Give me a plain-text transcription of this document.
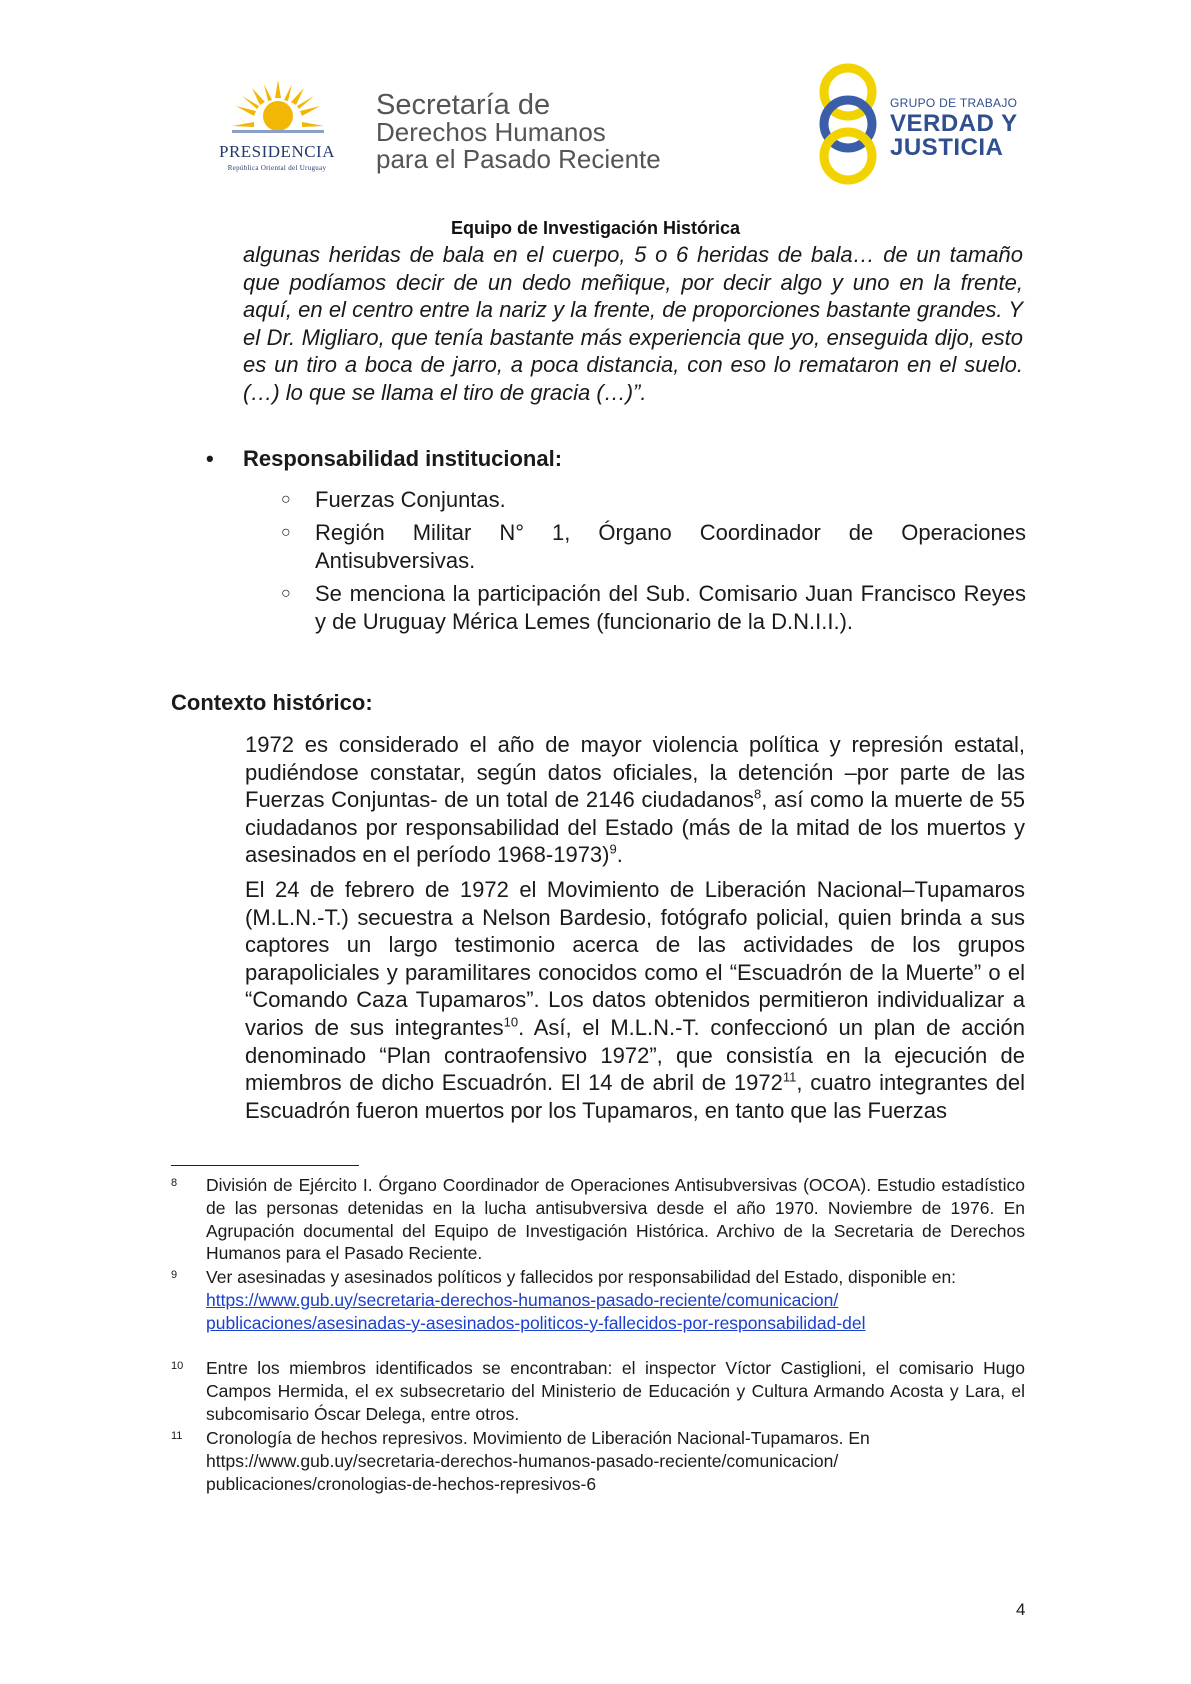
PRESIDENCIA
República Oriental del Uruguay
Secretaría de
Derechos Humanos
para el Pasado Reciente
GRUPO DE TRABAJO
VERDAD Y
JUSTICIA
Equipo de Investigación Histórica

algunas heridas de bala en el cuerpo, 5 o 6 heridas de bala… de un tamaño que podíamos decir de un dedo meñique, por decir algo y uno en la frente, aquí, en el centro entre la nariz y la frente, de proporciones bastante grandes. Y el Dr. Migliaro, que tenía bastante más experiencia que yo, enseguida dijo, esto es un tiro a boca de jarro, a poca distancia, con eso lo remataron en el suelo. (…) lo que se llama el tiro de gracia (…)”.

• Responsabilidad institucional:
○ Fuerzas Conjuntas.
○ Región Militar N° 1, Órgano Coordinador de Operaciones Antisubversivas.
○ Se menciona la participación del Sub. Comisario Juan Francisco Reyes y de Uruguay Mérica Lemes (funcionario de la D.N.I.I.).
Contexto histórico:

1972 es considerado el año de mayor violencia política y represión estatal, pudiéndose constatar, según datos oficiales, la detención –por parte de las Fuerzas Conjuntas- de un total de 2146 ciudadanos$^8$, así como la muerte de 55 ciudadanos por responsabilidad del Estado (más de la mitad de los muertos y asesinados en el período 1968-1973)$^9$.

El 24 de febrero de 1972 el Movimiento de Liberación Nacional–Tupamaros (M.L.N.-T.) secuestra a Nelson Bardesio, fotógrafo policial, quien brinda a sus captores un largo testimonio acerca de las actividades de los grupos parapoliciales y paramilitares conocidos como el “Escuadrón de la Muerte” o el “Comando Caza Tupamaros”. Los datos obtenidos permitieron individualizar a varios de sus integrantes$^{10}$. Así, el M.L.N.-T. confeccionó un plan de acción denominado “Plan contraofensivo 1972”, que consistía en la ejecución de miembros de dicho Escuadrón. El 14 de abril de 1972$^{11}$, cuatro integrantes del Escuadrón fueron muertos por los Tupamaros, en tanto que las Fuerzas

8 División de Ejército I. Órgano Coordinador de Operaciones Antisubversivas (OCOA). Estudio estadístico de las personas detenidas en la lucha antisubversiva desde el año 1970. Noviembre de 1976. En Agrupación documental del Equipo de Investigación Histórica. Archivo de la Secretaria de Derechos Humanos para el Pasado Reciente.
9 Ver asesinadas y asesinados políticos y fallecidos por responsabilidad del Estado, disponible en:
https://www.gub.uy/secretaria-derechos-humanos-pasado-reciente/comunicacion/
publicaciones/asesinadas-y-asesinados-politicos-y-fallecidos-por-responsabilidad-del
10 Entre los miembros identificados se encontraban: el inspector Víctor Castiglioni, el comisario Hugo Campos Hermida, el ex subsecretario del Ministerio de Educación y Cultura Armando Acosta y Lara, el subcomisario Óscar Delega, entre otros.
11 Cronología de hechos represivos. Movimiento de Liberación Nacional-Tupamaros. En
https://www.gub.uy/secretaria-derechos-humanos-pasado-reciente/comunicacion/
publicaciones/cronologias-de-hechos-represivos-6
4
